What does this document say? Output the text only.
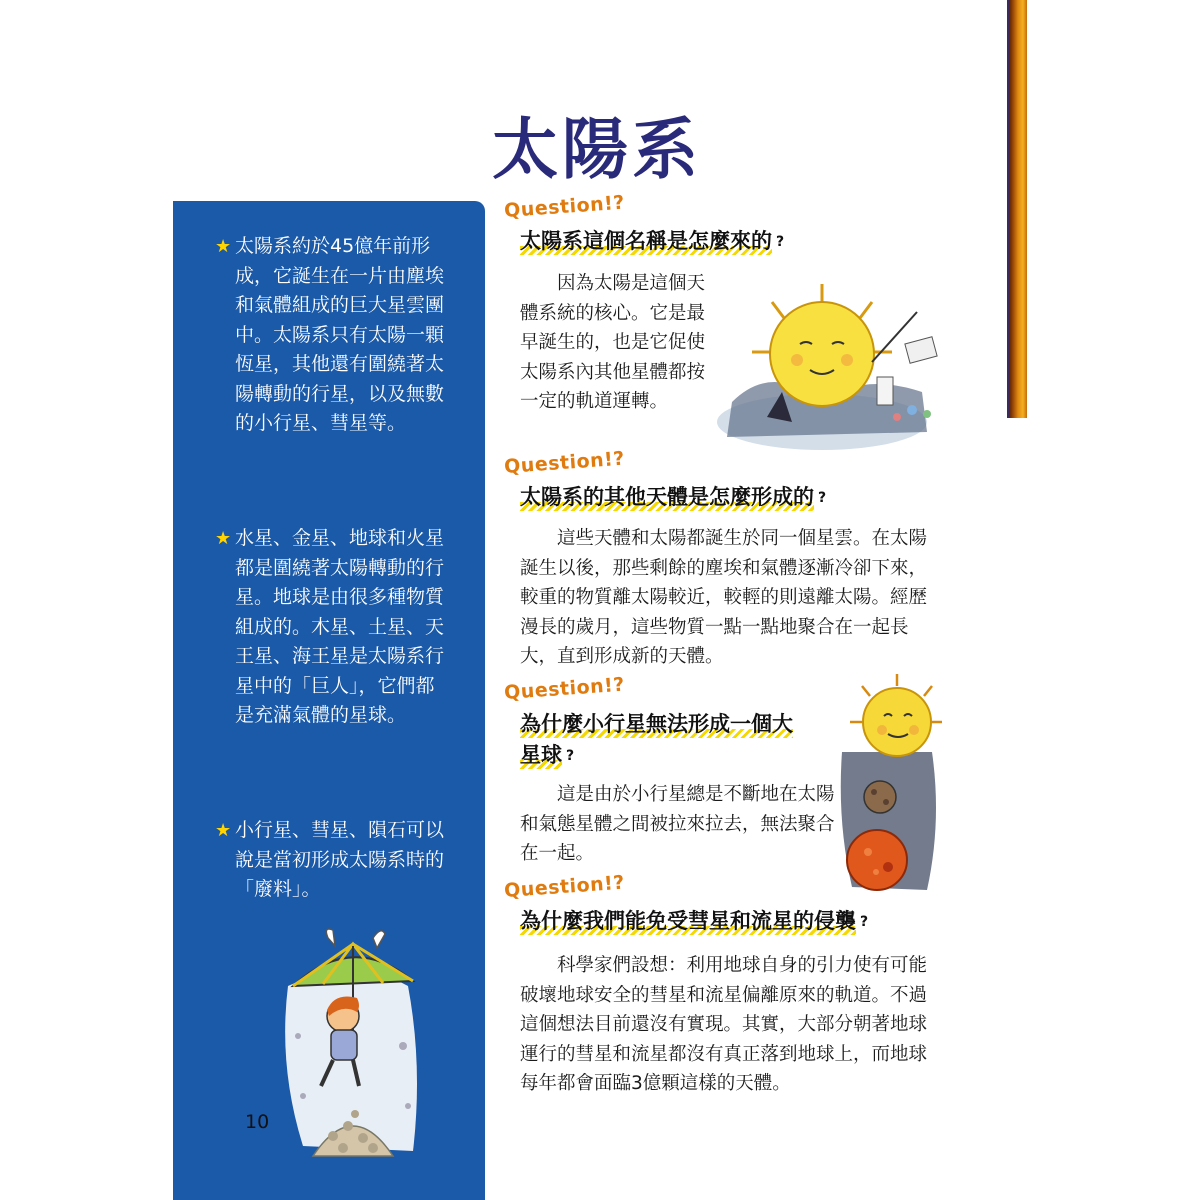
太陽系
★ 太陽系約於45億年前形成，它誕生在一片由塵埃和氣體組成的巨大星雲團中。太陽系只有太陽一顆恆星，其他還有圍繞著太陽轉動的行星，以及無數的小行星、彗星等。
★ 水星、金星、地球和火星都是圍繞著太陽轉動的行星。地球是由很多種物質組成的。木星、土星、天王星、海王星是太陽系行星中的「巨人」，它們都是充滿氣體的星球。
★ 小行星、彗星、隕石可以說是當初形成太陽系時的「廢料」。
10
Question!?
太陽系這個名稱是怎麼來的 ?
因為太陽是這個天體系統的核心。它是最早誕生的，也是它促使太陽系內其他星體都按一定的軌道運轉。
Question!?
太陽系的其他天體是怎麼形成的 ?
這些天體和太陽都誕生於同一個星雲。在太陽誕生以後，那些剩餘的塵埃和氣體逐漸冷卻下來，較重的物質離太陽較近，較輕的則遠離太陽。經歷漫長的歲月，這些物質一點一點地聚合在一起長大，直到形成新的天體。
Question!?
為什麼小行星無法形成一個大
星球 ?
這是由於小行星總是不斷地在太陽和氣態星體之間被拉來拉去，無法聚合在一起。
Question!?
為什麼我們能免受彗星和流星的侵襲 ?
科學家們設想：利用地球自身的引力使有可能破壞地球安全的彗星和流星偏離原來的軌道。不過這個想法目前還沒有實現。其實，大部分朝著地球運行的彗星和流星都沒有真正落到地球上，而地球每年都會面臨3億顆這樣的天體。
